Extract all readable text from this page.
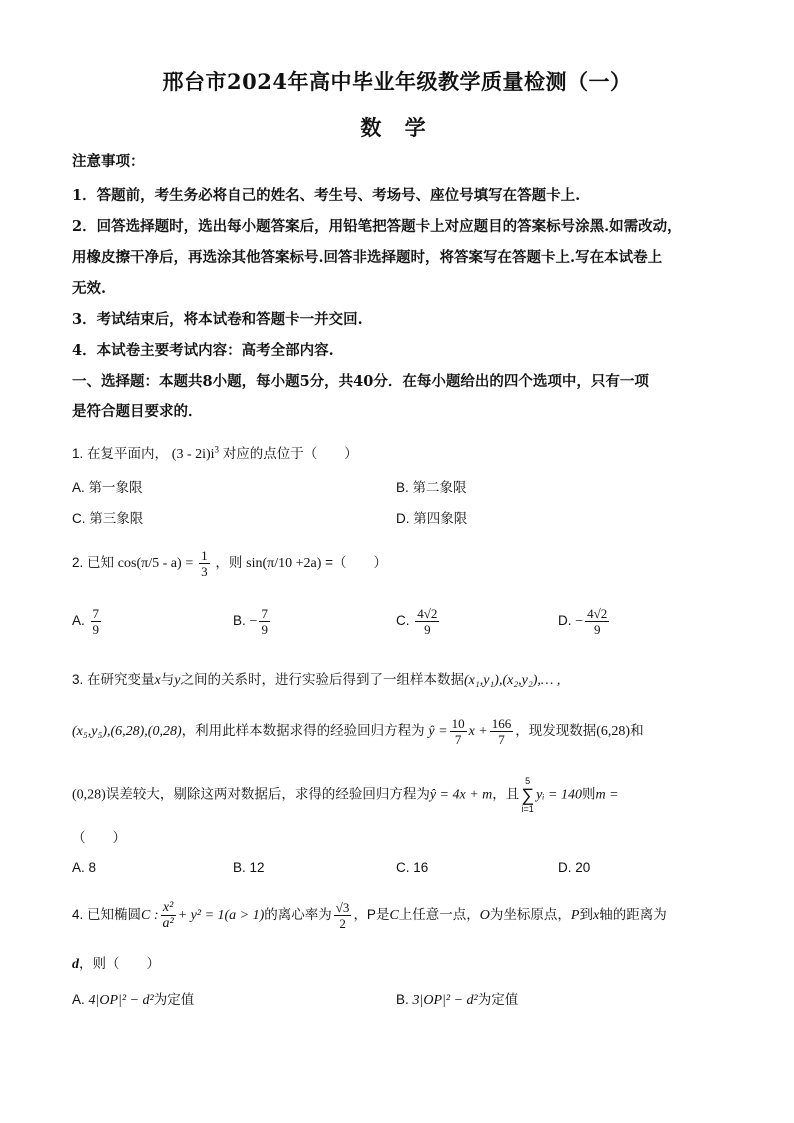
邢台市2024年高中毕业年级教学质量检测（一）
数 学
注意事项：
1．答题前，考生务必将自己的姓名、考生号、考场号、座位号填写在答题卡上.
2．回答选择题时，选出每小题答案后，用铅笔把答题卡上对应题目的答案标号涂黑.如需改动，
用橡皮擦干净后，再选涂其他答案标号.回答非选择题时，将答案写在答题卡上.写在本试卷上
无效.
3．考试结束后，将本试卷和答题卡一并交回.
4．本试卷主要考试内容：高考全部内容.
一、选择题：本题共8小题，每小题5分，共40分．在每小题给出的四个选项中，只有一项
是符合题目要求的．
1. 在复平面内， $(3 - 2i)i^3$ 对应的点位于（　　）
A. 第一象限	B. 第二象限
C. 第三象限	D. 第四象限
2. 已知 $\cos(\pi/5 - a) = \frac{1}{3}$ ，则 sin(π/10 +2a) =（　　）
A. $\frac{7}{9}$	B. − $\frac{7}{9}$	C. $\frac{4√2}{9}$	D. − $\frac{4√2}{9}$
3. 在研究变量x与y之间的关系时，进行实验后得到了一组样本数据(x₁,y₁),(x₂,y₂),… ,
(x₅,y₅),(6,28),(0,28)，利用此样本数据求得的经验回归方程为 ŷ = $\frac{10}{7}$ $x + \frac{166}{7}$ ，现发现数据(6,28)和
(0,28)误差较大，剔除这两对数据后，求得的经验回归方程为ŷ = 4x + m，且5
∑
i=1yᵢ = 140则m =
（　　）
A. 8	B. 12	C. 16	D. 20
4. 已知椭圆C : $\frac{\text{x²}}{\text{a²}} + y^2 = 1(a > 1)$的离心率为 $\frac{√3}{2}$ ，P是C上任意一点，O为坐标原点，P到x轴的距离为
d，则（　　）
A. 4|OP|² − d²为定值	B. 3|OP|² − d²为定值
